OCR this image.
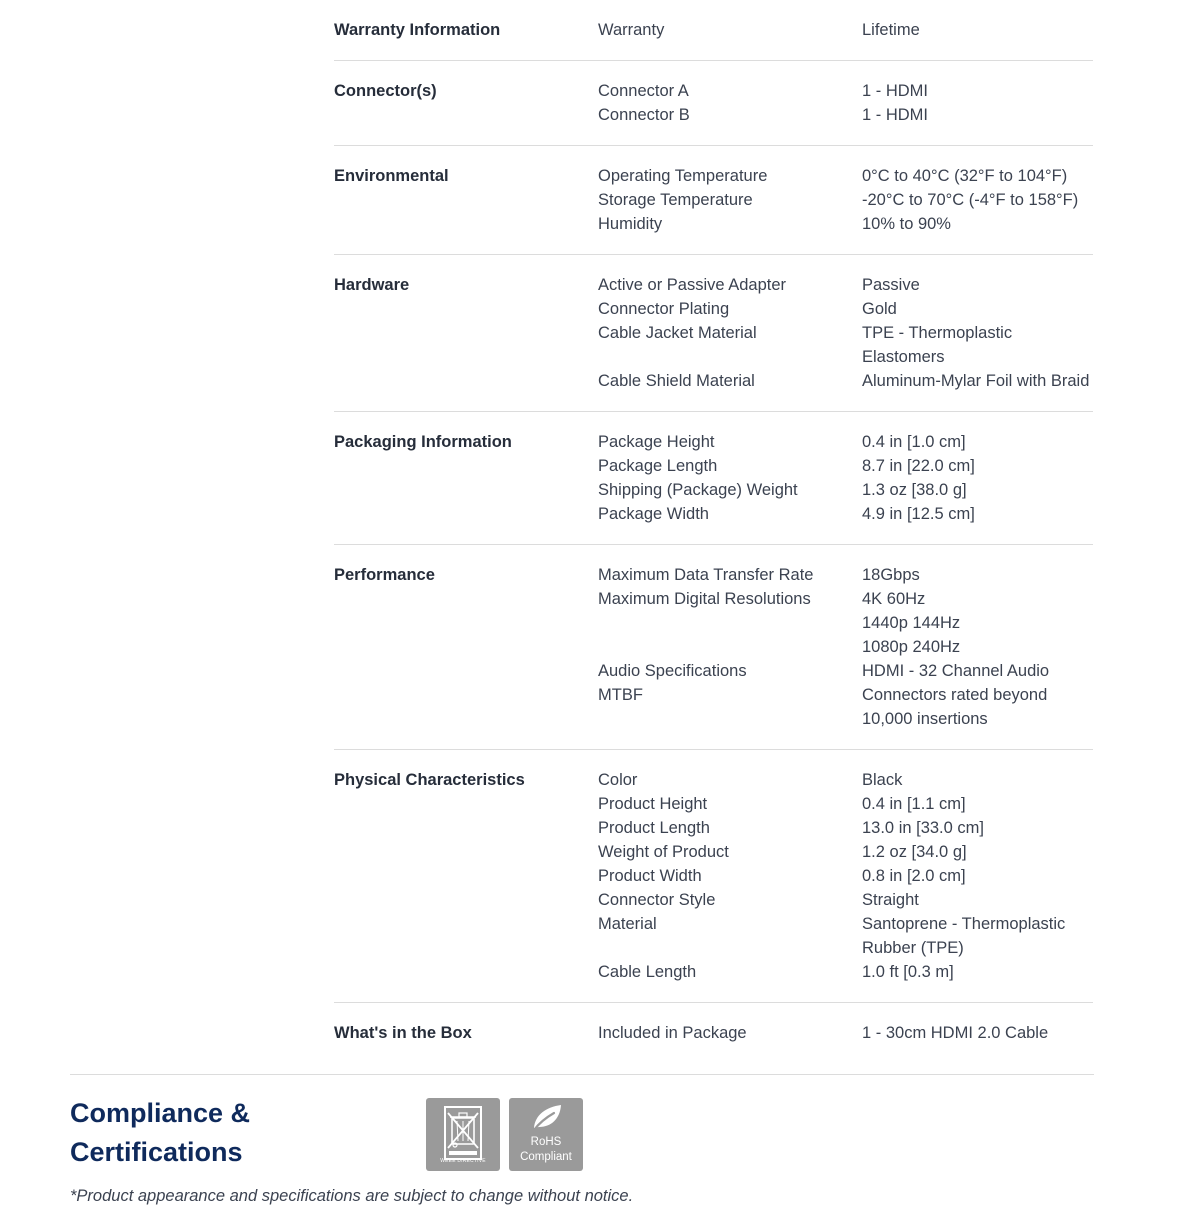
Warranty Information	Warranty	Lifetime
Connector(s)	Connector A	1 - HDMI
Connector B	1 - HDMI
Environmental	Operating Temperature	0°C to 40°C (32°F to 104°F)
Storage Temperature	-20°C to 70°C (-4°F to 158°F)
Humidity	10% to 90%
Hardware	Active or Passive Adapter	Passive
Connector Plating	Gold
Cable Jacket Material	TPE - Thermoplastic Elastomers
Cable Shield Material	Aluminum-Mylar Foil with Braid
Packaging Information	Package Height	0.4 in [1.0 cm]
Package Length	8.7 in [22.0 cm]
Shipping (Package) Weight	1.3 oz [38.0 g]
Package Width	4.9 in [12.5 cm]
Performance	Maximum Data Transfer Rate	18Gbps
Maximum Digital Resolutions	4K 60Hz
1440p 144Hz
1080p 240Hz
Audio Specifications	HDMI - 32 Channel Audio
MTBF	Connectors rated beyond 10,000 insertions
Physical Characteristics	Color	Black
Product Height	0.4 in [1.1 cm]
Product Length	13.0 in [33.0 cm]
Weight of Product	1.2 oz [34.0 g]
Product Width	0.8 in [2.0 cm]
Connector Style	Straight
Material	Santoprene - Thermoplastic Rubber (TPE)
Cable Length	1.0 ft [0.3 m]
What's in the Box	Included in Package	1 - 30cm HDMI 2.0 Cable
Compliance &
Certifications	WEEE DIRECTIVE
RoHS
Compliant

*Product appearance and specifications are subject to change without notice.
